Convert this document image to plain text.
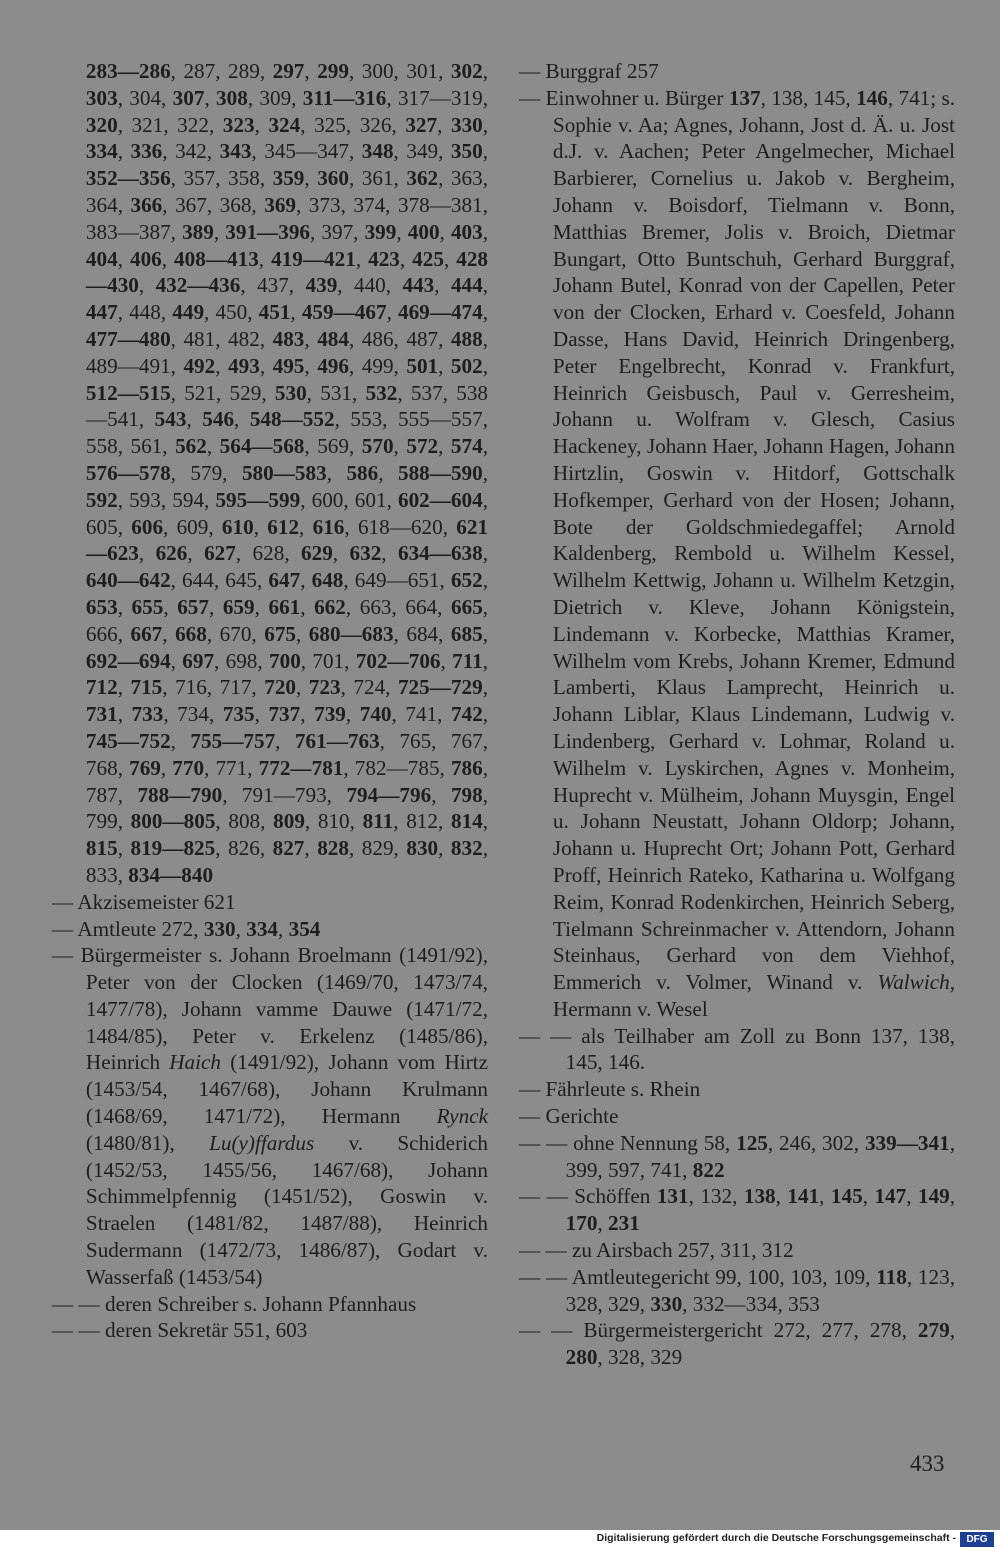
283—286, 287, 289, 297, 299, 300, 301, 302, 303, 304, 307, 308, 309, 311—316, 317—319, 320, 321, 322, 323, 324, 325, 326, 327, 330, 334, 336, 342, 343, 345—347, 348, 349, 350, 352—356, 357, 358, 359, 360, 361, 362, 363, 364, 366, 367, 368, 369, 373, 374, 378—381, 383—387, 389, 391—396, 397, 399, 400, 403, 404, 406, 408—413, 419—421, 423, 425, 428—430, 432—436, 437, 439, 440, 443, 444, 447, 448, 449, 450, 451, 459—467, 469—474, 477—480, 481, 482, 483, 484, 486, 487, 488, 489—491, 492, 493, 495, 496, 499, 501, 502, 512—515, 521, 529, 530, 531, 532, 537, 538—541, 543, 546, 548—552, 553, 555—557, 558, 561, 562, 564—568, 569, 570, 572, 574, 576—578, 579, 580—583, 586, 588—590, 592, 593, 594, 595—599, 600, 601, 602—604, 605, 606, 609, 610, 612, 616, 618—620, 621—623, 626, 627, 628, 629, 632, 634—638, 640—642, 644, 645, 647, 648, 649—651, 652, 653, 655, 657, 659, 661, 662, 663, 664, 665, 666, 667, 668, 670, 675, 680—683, 684, 685, 692—694, 697, 698, 700, 701, 702—706, 711, 712, 715, 716, 717, 720, 723, 724, 725—729, 731, 733, 734, 735, 737, 739, 740, 741, 742, 745—752, 755—757, 761—763, 765, 767, 768, 769, 770, 771, 772—781, 782—785, 786, 787, 788—790, 791—793, 794—796, 798, 799, 800—805, 808, 809, 810, 811, 812, 814, 815, 819—825, 826, 827, 828, 829, 830, 832, 833, 834—840

— Akzisemeister 621

— Amtleute 272, 330, 334, 354

— Bürgermeister s. Johann Broelmann (1491/92), Peter von der Clocken (1469/70, 1473/74, 1477/78), Johann vamme Dauwe (1471/72, 1484/85), Peter v. Erkelenz (1485/86), Heinrich Haich (1491/92), Johann vom Hirtz (1453/54, 1467/68), Johann Krulmann (1468/69, 1471/72), Hermann Rynck (1480/81), Lu(y)ffardus v. Schiderich (1452/53, 1455/56, 1467/68), Johann Schimmelpfennig (1451/52), Goswin v. Straelen (1481/82, 1487/88), Heinrich Sudermann (1472/73, 1486/87), Godart v. Wasserfaß (1453/54)

— — deren Schreiber s. Johann Pfannhaus

— — deren Sekretär 551, 603

— Burggraf 257

— Einwohner u. Bürger 137, 138, 145, 146, 741; s. Sophie v. Aa; Agnes, Johann, Jost d. Ä. u. Jost d.J. v. Aachen; Peter Angelmecher, Michael Barbierer, Cornelius u. Jakob v. Bergheim, Johann v. Boisdorf, Tielmann v. Bonn, Matthias Bremer, Jolis v. Broich, Dietmar Bungart, Otto Buntschuh, Gerhard Burggraf, Johann Butel, Konrad von der Capellen, Peter von der Clocken, Erhard v. Coesfeld, Johann Dasse, Hans David, Heinrich Dringenberg, Peter Engelbrecht, Konrad v. Frankfurt, Heinrich Geisbusch, Paul v. Gerresheim, Johann u. Wolfram v. Glesch, Casius Hackeney, Johann Haer, Johann Hagen, Johann Hirtzlin, Goswin v. Hitdorf, Gottschalk Hofkemper, Gerhard von der Hosen; Johann, Bote der Goldschmiedegaffel; Arnold Kaldenberg, Rembold u. Wilhelm Kessel, Wilhelm Kettwig, Johann u. Wilhelm Ketzgin, Dietrich v. Kleve, Johann Königstein, Lindemann v. Korbecke, Matthias Kramer, Wilhelm vom Krebs, Johann Kremer, Edmund Lamberti, Klaus Lamprecht, Heinrich u. Johann Liblar, Klaus Lindemann, Ludwig v. Lindenberg, Gerhard v. Lohmar, Roland u. Wilhelm v. Lyskirchen, Agnes v. Monheim, Huprecht v. Mülheim, Johann Muysgin, Engel u. Johann Neustatt, Johann Oldorp; Johann, Johann u. Huprecht Ort; Johann Pott, Gerhard Proff, Heinrich Rateko, Katharina u. Wolfgang Reim, Konrad Rodenkirchen, Heinrich Seberg, Tielmann Schreinmacher v. Attendorn, Johann Steinhaus, Gerhard von dem Viehhof, Emmerich v. Volmer, Winand v. Walwich, Hermann v. Wesel

— — als Teilhaber am Zoll zu Bonn 137, 138, 145, 146.

— Fährleute s. Rhein

— Gerichte

— — ohne Nennung 58, 125, 246, 302, 339—341, 399, 597, 741, 822

— — Schöffen 131, 132, 138, 141, 145, 147, 149, 170, 231

— — zu Airsbach 257, 311, 312

— — Amtleutegericht 99, 100, 103, 109, 118, 123, 328, 329, 330, 332—334, 353

— — Bürgermeistergericht 272, 277, 278, 279, 280, 328, 329

433
Digitalisierung gefördert durch die Deutsche Forschungsgemeinschaft -	DFG
